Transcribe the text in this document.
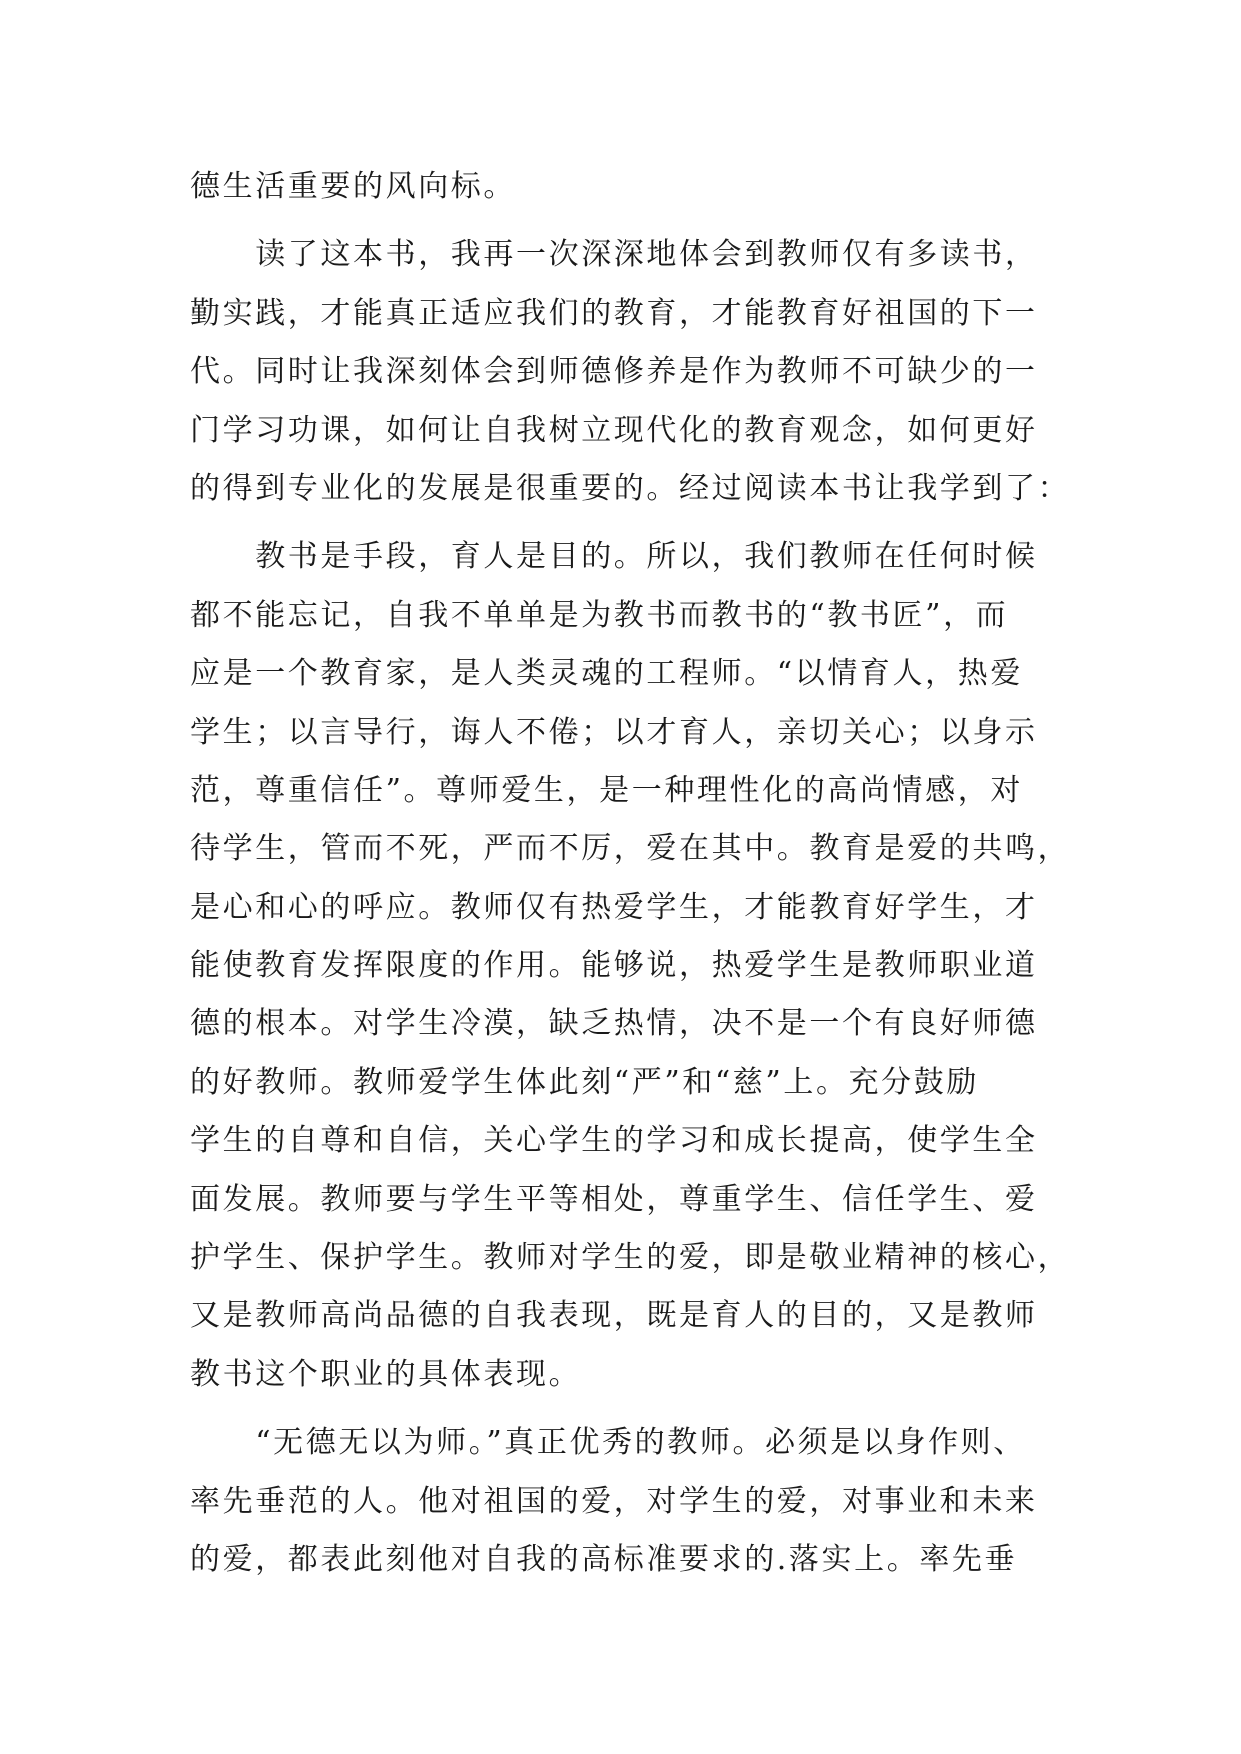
德生活重要的风向标。
　　读了这本书，我再一次深深地体会到教师仅有多读书，
勤实践，才能真正适应我们的教育，才能教育好祖国的下一
代。同时让我深刻体会到师德修养是作为教师不可缺少的一
门学习功课，如何让自我树立现代化的教育观念，如何更好
的得到专业化的发展是很重要的。经过阅读本书让我学到了：
　　教书是手段，育人是目的。所以，我们教师在任何时候
都不能忘记，自我不单单是为教书而教书的“教书匠”，而
应是一个教育家，是人类灵魂的工程师。“以情育人，热爱
学生；以言导行，诲人不倦；以才育人，亲切关心；以身示
范，尊重信任”。尊师爱生，是一种理性化的高尚情感，对
待学生，管而不死，严而不厉，爱在其中。教育是爱的共鸣，
是心和心的呼应。教师仅有热爱学生，才能教育好学生，才
能使教育发挥限度的作用。能够说，热爱学生是教师职业道
德的根本。对学生冷漠，缺乏热情，决不是一个有良好师德
的好教师。教师爱学生体此刻“严”和“慈”上。充分鼓励
学生的自尊和自信，关心学生的学习和成长提高，使学生全
面发展。教师要与学生平等相处，尊重学生、信任学生、爱
护学生、保护学生。教师对学生的爱，即是敬业精神的核心，
又是教师高尚品德的自我表现，既是育人的目的，又是教师
教书这个职业的具体表现。
　　“无德无以为师。”真正优秀的教师。必须是以身作则、
率先垂范的人。他对祖国的爱，对学生的爱，对事业和未来
的爱，都表此刻他对自我的高标准要求的.落实上。率先垂
